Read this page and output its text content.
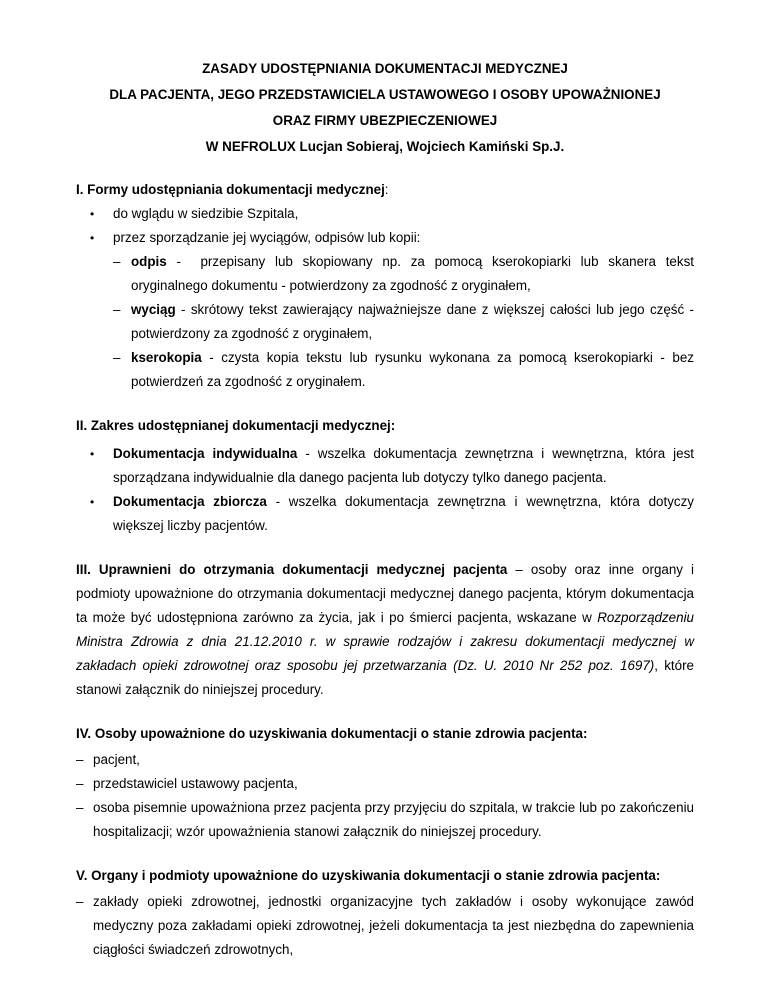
ZASADY UDOSTĘPNIANIA DOKUMENTACJI MEDYCZNEJ
DLA PACJENTA, JEGO PRZEDSTAWICIELA USTAWOWEGO I OSOBY UPOWAŻNIONEJ
ORAZ FIRMY UBEZPIECZENIOWEJ
W NEFROLUX Lucjan Sobieraj, Wojciech Kamiński Sp.J.
I. Formy udostępniania dokumentacji medycznej:
• do wglądu w siedzibie Szpitala,
• przez sporządzanie jej wyciągów, odpisów lub kopii:
– odpis -  przepisany lub skopiowany np. za pomocą kserokopiarki lub skanera tekst oryginalnego dokumentu - potwierdzony za zgodność z oryginałem,
– wyciąg - skrótowy tekst zawierający najważniejsze dane z większej całości lub jego część - potwierdzony za zgodność z oryginałem,
– kserokopia - czysta kopia tekstu lub rysunku wykonana za pomocą kserokopiarki - bez potwierdzeń za zgodność z oryginałem.
II. Zakres udostępnianej dokumentacji medycznej:
• Dokumentacja indywidualna - wszelka dokumentacja zewnętrzna i wewnętrzna, która jest sporządzana indywidualnie dla danego pacjenta lub dotyczy tylko danego pacjenta.
• Dokumentacja zbiorcza - wszelka dokumentacja zewnętrzna i wewnętrzna, która dotyczy większej liczby pacjentów.

III. Uprawnieni do otrzymania dokumentacji medycznej pacjenta – osoby oraz inne organy i podmioty upoważnione do otrzymania dokumentacji medycznej danego pacjenta, którym dokumentacja ta może być udostępniona zarówno za życia, jak i po śmierci pacjenta, wskazane w Rozporządzeniu Ministra Zdrowia z dnia 21.12.2010 r. w sprawie rodzajów i zakresu dokumentacji medycznej w zakładach opieki zdrowotnej oraz sposobu jej przetwarzania (Dz. U. 2010 Nr 252 poz. 1697), które stanowi załącznik do niniejszej procedury.

IV. Osoby upoważnione do uzyskiwania dokumentacji o stanie zdrowia pacjenta:
– pacjent,
– przedstawiciel ustawowy pacjenta,
– osoba pisemnie upoważniona przez pacjenta przy przyjęciu do szpitala, w trakcie lub po zakończeniu hospitalizacji; wzór upoważnienia stanowi załącznik do niniejszej procedury.
V. Organy i podmioty upoważnione do uzyskiwania dokumentacji o stanie zdrowia pacjenta:
– zakłady opieki zdrowotnej, jednostki organizacyjne tych zakładów i osoby wykonujące zawód medyczny poza zakładami opieki zdrowotnej, jeżeli dokumentacja ta jest niezbędna do zapewnienia ciągłości świadczeń zdrowotnych,
